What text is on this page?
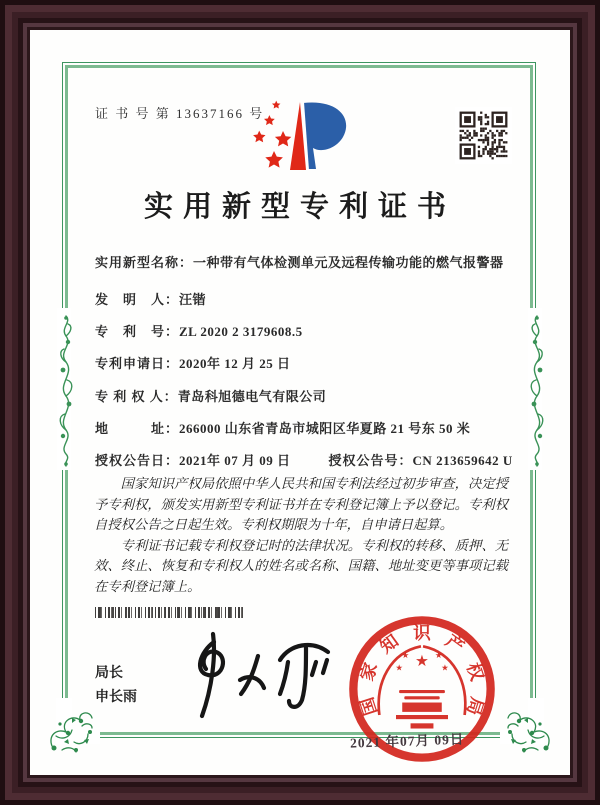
证 书 号 第 13637166 号
实用新型专利证书
实用新型名称：一种带有气体检测单元及远程传输功能的燃气报警器
发　明　人：汪锴
专　利　号：ZL 2020 2 3179608.5
专利申请日：2020年 12 月 25 日
专 利 权 人：青岛科旭德电气有限公司
地　　　址：266000 山东省青岛市城阳区华夏路 21 号东 50 米
授权公告日：2021年 07 月 09 日	授权公告号：CN 213659642 U

国家知识产权局依照中华人民共和国专利法经过初步审查，决定授予专利权，颁发实用新型专利证书并在专利登记簿上予以登记。专利权自授权公告之日起生效。专利权期限为十年，自申请日起算。

专利证书记载专利权登记时的法律状况。专利权的转移、质押、无效、终止、恢复和专利权人的姓名或名称、国籍、地址变更等事项记载在专利登记簿上。

局长
申长雨
★
★	★
★	★
国
家
知 识 产
权
局
2021 年07月 09日
